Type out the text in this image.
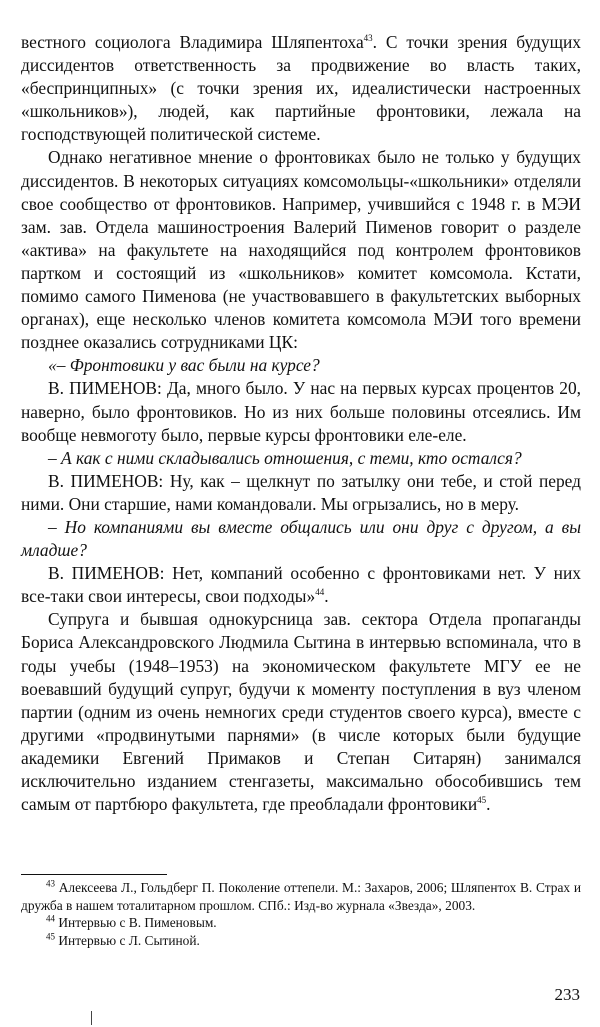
вестного социолога Владимира Шляпентоха$^{43}$. С точки зрения будущих диссидентов ответственность за продвижение во власть таких, «беспринципных» (с точки зрения их, идеалистически настроенных «школьников»), людей, как партийные фронтовики, лежала на господствующей политической системе.

Однако негативное мнение о фронтовиках было не только у будущих диссидентов. В некоторых ситуациях комсомольцы-«школьники» отделяли свое сообщество от фронтовиков. Например, учившийся с 1948 г. в МЭИ зам. зав. Отдела машиностроения Валерий Пименов говорит о разделе «актива» на факультете на находящийся под контролем фронтовиков партком и состоящий из «школьников» комитет комсомола. Кстати, помимо самого Пименова (не участвовавшего в факультетских выборных органах), еще несколько членов комитета комсомола МЭИ того времени позднее оказались сотрудниками ЦК:

«– Фронтовики у вас были на курсе?

В. ПИМЕНОВ: Да, много было. У нас на первых курсах процентов 20, наверно, было фронтовиков. Но из них больше половины отсеялись. Им вообще невмоготу было, первые курсы фронтовики еле-еле.

– А как с ними складывались отношения, с теми, кто остался?

В. ПИМЕНОВ: Ну, как – щелкнут по затылку они тебе, и стой перед ними. Они старшие, нами командовали. Мы огрызались, но в меру.

– Но компаниями вы вместе общались или они друг с другом, а вы младше?

В. ПИМЕНОВ: Нет, компаний особенно с фронтовиками нет. У них все-таки свои интересы, свои подходы»$^{44}$.

Супруга и бывшая однокурсница зав. сектора Отдела пропаганды Бориса Александровского Людмила Сытина в интервью вспоминала, что в годы учебы (1948–1953) на экономическом факультете МГУ ее не воевавший будущий супруг, будучи к моменту поступления в вуз членом партии (одним из очень немногих среди студентов своего курса), вместе с другими «продвинутыми парнями» (в числе которых были будущие академики Евгений Примаков и Степан Ситарян) занимался исключительно изданием стенгазеты, максимально обособившись тем самым от партбюро факультета, где преобладали фронтовики$^{45}$.

$^{43}$ Алексеева Л., Гольдберг П. Поколение оттепели. М.: Захаров, 2006; Шляпентох В. Страх и дружба в нашем тоталитарном прошлом. СПб.: Изд-во журнала «Звезда», 2003.

$^{44}$ Интервью с В. Пименовым.

$^{45}$ Интервью с Л. Сытиной.

233
